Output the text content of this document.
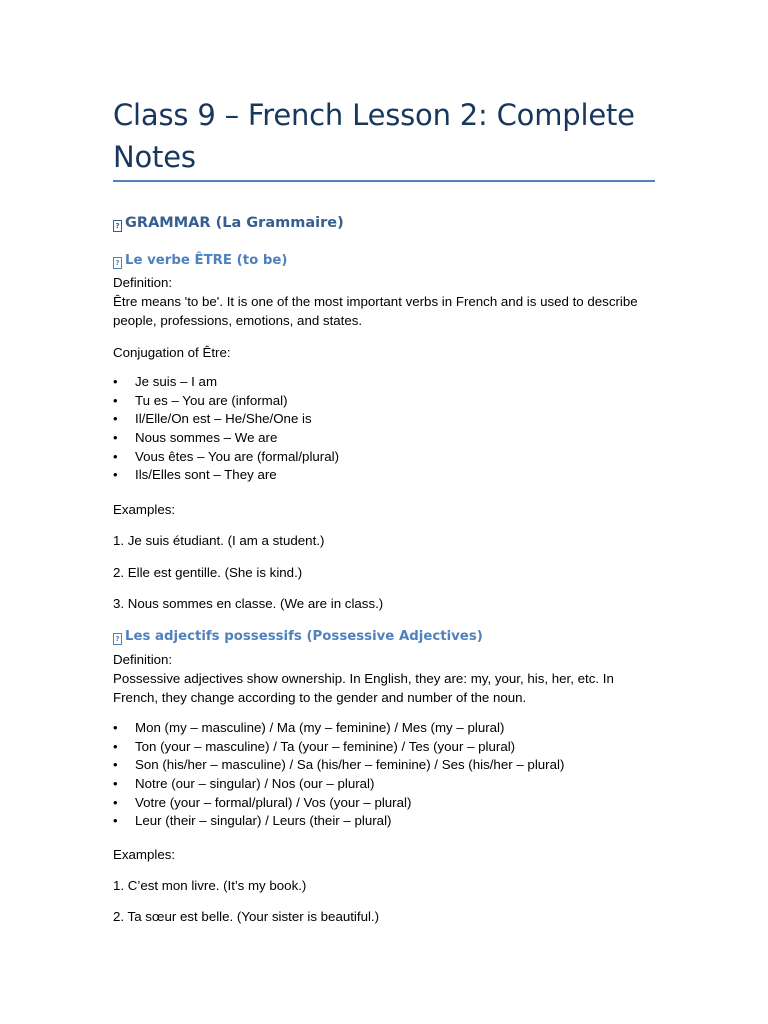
Class 9 – French Lesson 2: Complete Notes
? GRAMMAR (La Grammaire)
? Le verbe ÊTRE (to be)

Definition:

Être means 'to be'. It is one of the most important verbs in French and is used to describe people, professions, emotions, and states.

Conjugation of Être:

•	Je suis – I am
•	Tu es – You are (informal)
•	Il/Elle/On est – He/She/One is
•	Nous sommes – We are
•	Vous êtes – You are (formal/plural)
•	Ils/Elles sont – They are

Examples:

1. Je suis étudiant. (I am a student.)

2. Elle est gentille. (She is kind.)

3. Nous sommes en classe. (We are in class.)

? Les adjectifs possessifs (Possessive Adjectives)

Definition:

Possessive adjectives show ownership. In English, they are: my, your, his, her, etc. In French, they change according to the gender and number of the noun.

•	Mon (my – masculine) / Ma (my – feminine) / Mes (my – plural)
•	Ton (your – masculine) / Ta (your – feminine) / Tes (your – plural)
•	Son (his/her – masculine) / Sa (his/her – feminine) / Ses (his/her – plural)
•	Notre (our – singular) / Nos (our – plural)
•	Votre (your – formal/plural) / Vos (your – plural)
•	Leur (their – singular) / Leurs (their – plural)

Examples:

1. C’est mon livre. (It’s my book.)

2. Ta sœur est belle. (Your sister is beautiful.)
